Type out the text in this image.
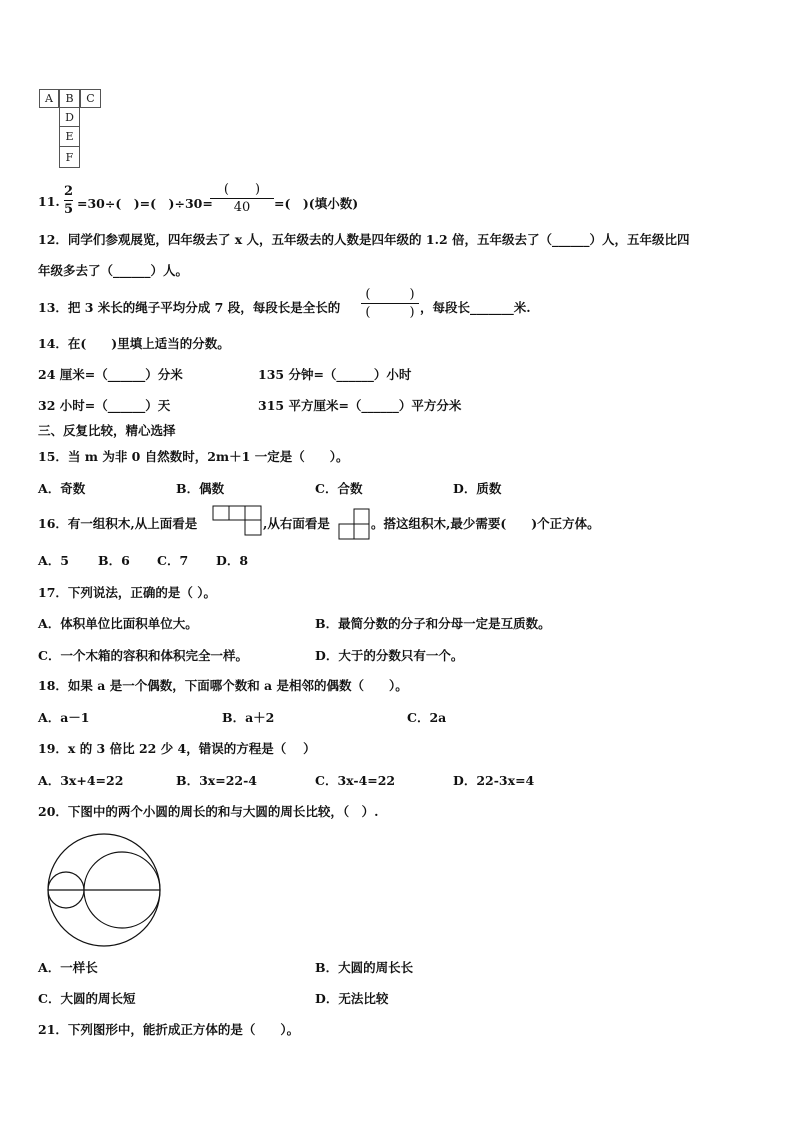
A B C
D
E
F
11.
2
5 =30÷(　)=(　)÷30=
(　　)
40 =(　)(填小数)
12．同学们参观展览，四年级去了 x 人，五年级去的人数是四年级的 1.2 倍，五年级去了（______）人，五年级比四
年级多去了（______）人。
13．把 3 米长的绳子平均分成 7 段，每段长是全长的
(　　　)
(　　　) ，每段长_______米.
14．在(　　)里填上适当的分数。
24 厘米=（______）分米	135 分钟=（______）小时
32 小时=（______）天	315 平方厘米=（______）平方分米
三、反复比较，精心选择
15．当 m 为非 0 自然数时，2m＋1 一定是（　　）。
A．奇数	B．偶数	C．合数	D．质数
16．有一组积木,从上面看是	,从右面看是	。搭这组积木,最少需要(　　)个正方体。
A．5 B．6 C．7 D．8
17．下列说法，正确的是（ ）。
A．体积单位比面积单位大。	B．最简分数的分子和分母一定是互质数。
C．一个木箱的容积和体积完全一样。	D．大于的分数只有一个。
18．如果 a 是一个偶数，下面哪个数和 a 是相邻的偶数（　　）。
A．a－1	B．a＋2	C．2a
19．x 的 3 倍比 22 少 4，错误的方程是（　 ）
A．3x+4=22	B．3x=22-4	C．3x-4=22	D．22-3x=4
20．下图中的两个小圆的周长的和与大圆的周长比较，（　）.
A．一样长	B．大圆的周长长
C．大圆的周长短	D．无法比较
21．下列图形中，能折成正方体的是（　　）。
